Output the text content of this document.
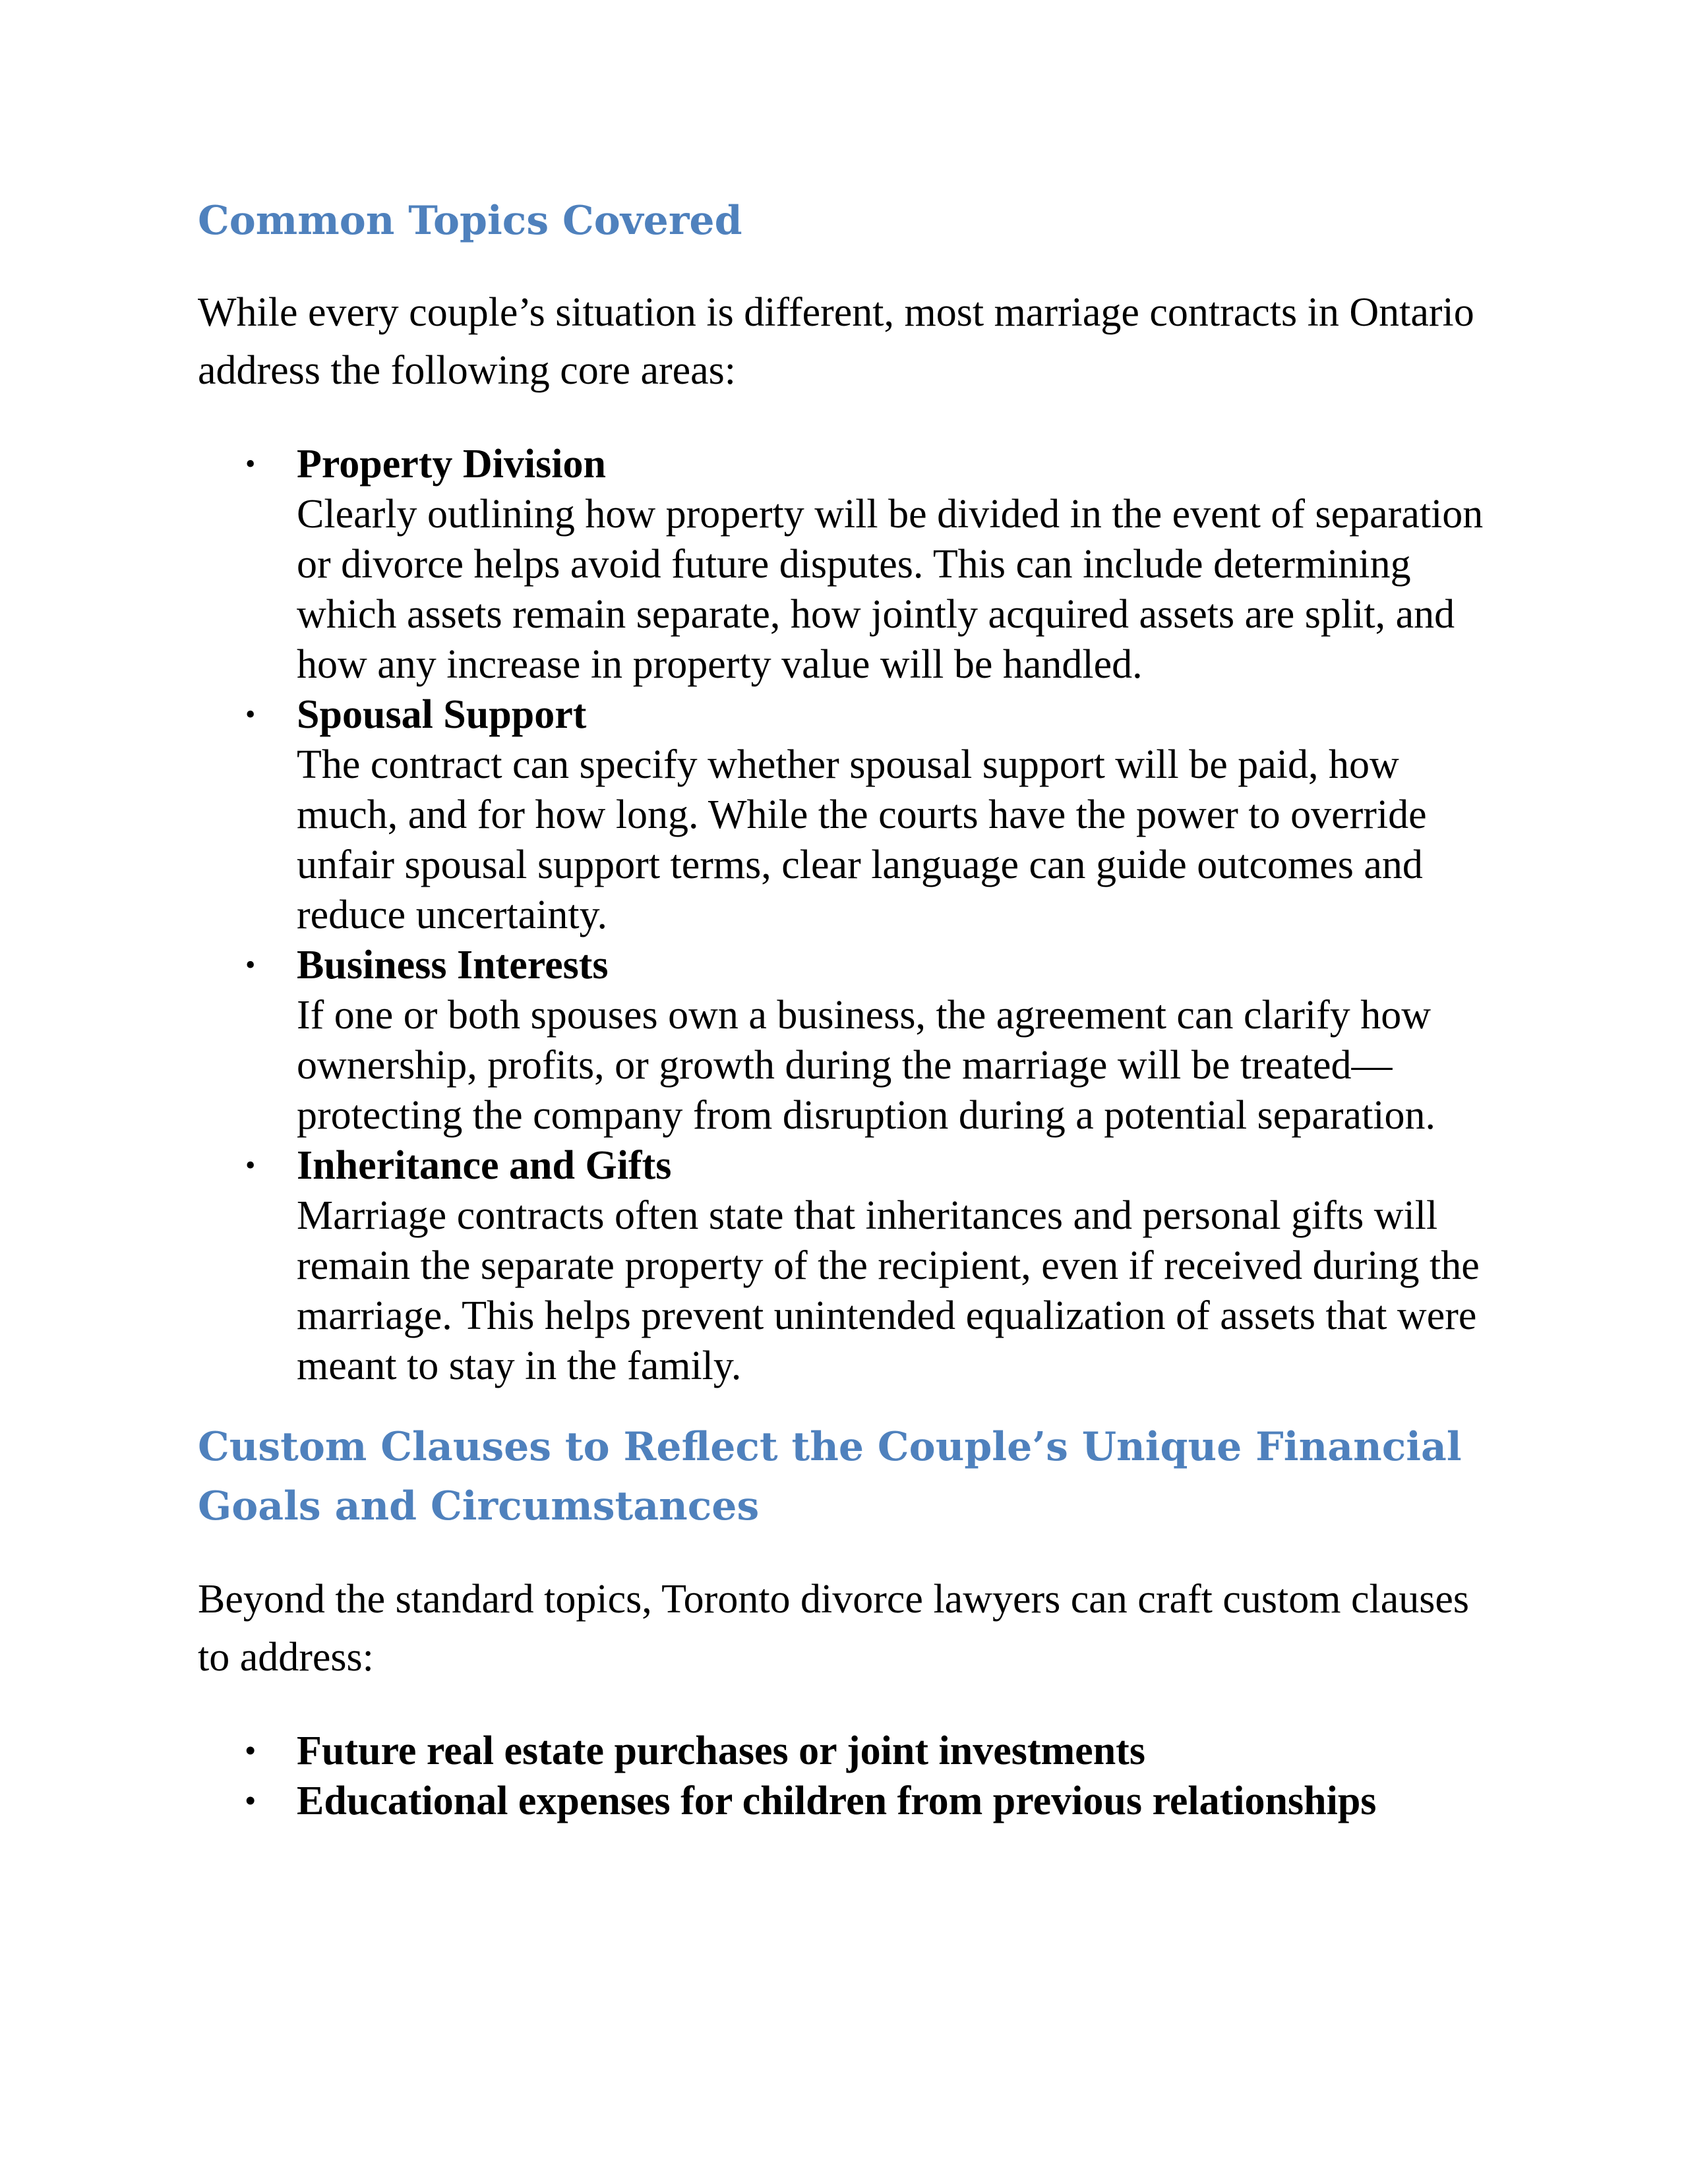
Common Topics Covered

While every couple’s situation is different, most marriage contracts in Ontario address the following core areas:

• Property Division
Clearly outlining how property will be divided in the event of separation or divorce helps avoid future disputes. This can include determining which assets remain separate, how jointly acquired assets are split, and how any increase in property value will be handled.
• Spousal Support
The contract can specify whether spousal support will be paid, how much, and for how long. While the courts have the power to override unfair spousal support terms, clear language can guide outcomes and reduce uncertainty.
• Business Interests
If one or both spouses own a business, the agreement can clarify how ownership, profits, or growth during the marriage will be treated—protecting the company from disruption during a potential separation.
• Inheritance and Gifts
Marriage contracts often state that inheritances and personal gifts will remain the separate property of the recipient, even if received during the marriage. This helps prevent unintended equalization of assets that were meant to stay in the family.
Custom Clauses to Reflect the Couple’s Unique Financial Goals and Circumstances

Beyond the standard topics, Toronto divorce lawyers can craft custom clauses to address:

• Future real estate purchases or joint investments
• Educational expenses for children from previous relationships
